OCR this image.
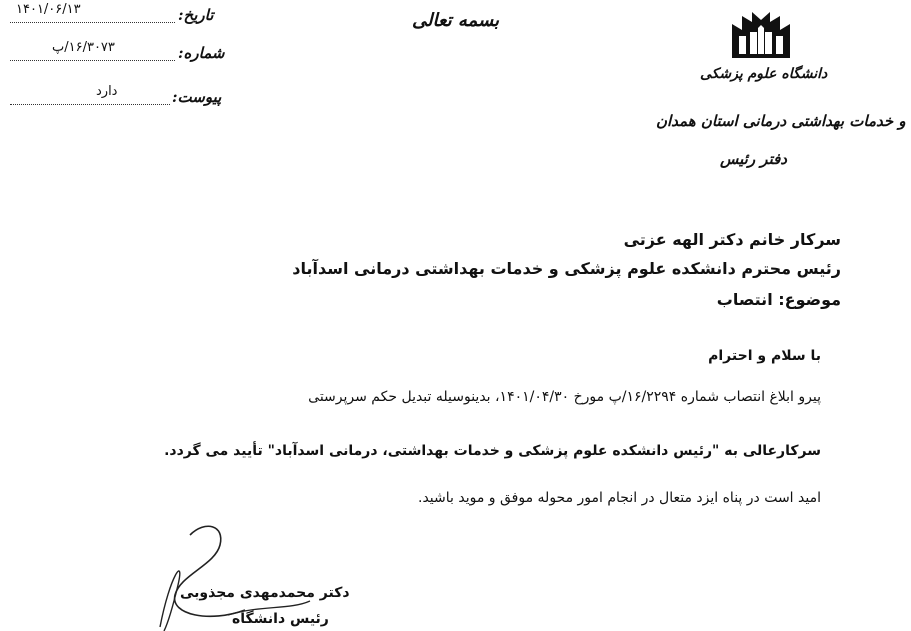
۱۴۰۱/۰۶/۱۳	تاریخ:
۱۶/۳۰۷۳/پ	شماره:
دارد	پیوست:
بسمه تعالی
دانشگاه علوم پزشکی
و خدمات بهداشتی درمانی استان همدان
دفتر رئیس
سرکار خانم دکتر الهه عزتی
رئیس محترم دانشکده علوم پزشکی و خدمات بهداشتی درمانی اسدآباد
موضوع: انتصاب
با سلام و احترام
پیرو ابلاغ انتصاب شماره ۱۶/۲۲۹۴/پ مورخ ۱۴۰۱/۰۴/۳۰، بدینوسیله تبدیل حکم سرپرستی
سرکارعالی به "رئیس دانشکده علوم پزشکی و خدمات بهداشتی، درمانی اسدآباد" تأیید می گردد.
امید است در پناه ایزد متعال در انجام امور محوله موفق و موید باشید.
دکتر محمدمهدی مجذوبی
رئیس دانشگاه
